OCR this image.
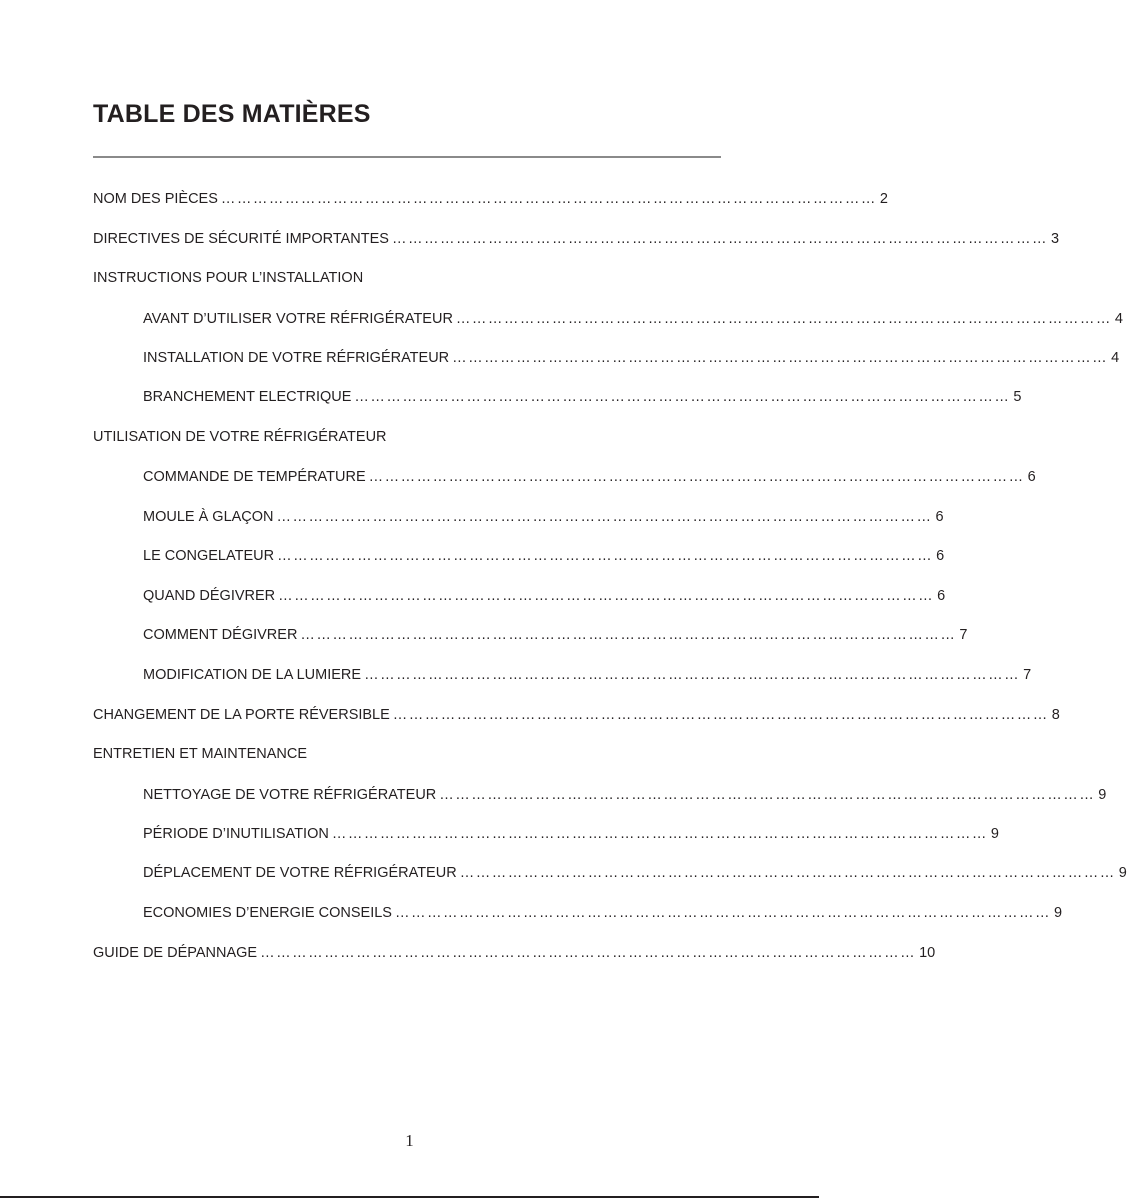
TABLE DES MATIÈRES
NOM DES PIÈCES …………………………………………………………………………………………………………… 2
DIRECTIVES DE SÉCURITÉ IMPORTANTES …………………………………………………………………………………………………………… 3
INSTRUCTIONS POUR L’INSTALLATION
AVANT D’UTILISER VOTRE RÉFRIGÉRATEUR …………………………………………………………………………………………………………… 4
INSTALLATION DE VOTRE RÉFRIGÉRATEUR …………………………………………………………………………………………………………… 4
BRANCHEMENT ELECTRIQUE …………………………………………………………………………………………………………… 5
UTILISATION DE VOTRE RÉFRIGÉRATEUR
COMMANDE DE TEMPÉRATURE …………………………………………………………………………………………………………… 6
MOULE À GLAÇON …………………………………………………………………………………………………………… 6
LE CONGELATEUR …………………………………………………………………………………………………………… 6
QUAND DÉGIVRER …………………………………………………………………………………………………………… 6
COMMENT DÉGIVRER …………………………………………………………………………………………………………… 7
MODIFICATION DE LA LUMIERE …………………………………………………………………………………………………………… 7
CHANGEMENT DE LA PORTE RÉVERSIBLE …………………………………………………………………………………………………………… 8
ENTRETIEN ET MAINTENANCE
NETTOYAGE DE VOTRE RÉFRIGÉRATEUR …………………………………………………………………………………………………………… 9
PÉRIODE D’INUTILISATION …………………………………………………………………………………………………………… 9
DÉPLACEMENT DE VOTRE RÉFRIGÉRATEUR …………………………………………………………………………………………………………… 9
ECONOMIES D’ENERGIE CONSEILS …………………………………………………………………………………………………………… 9
GUIDE DE DÉPANNAGE …………………………………………………………………………………………………………… 10
1
